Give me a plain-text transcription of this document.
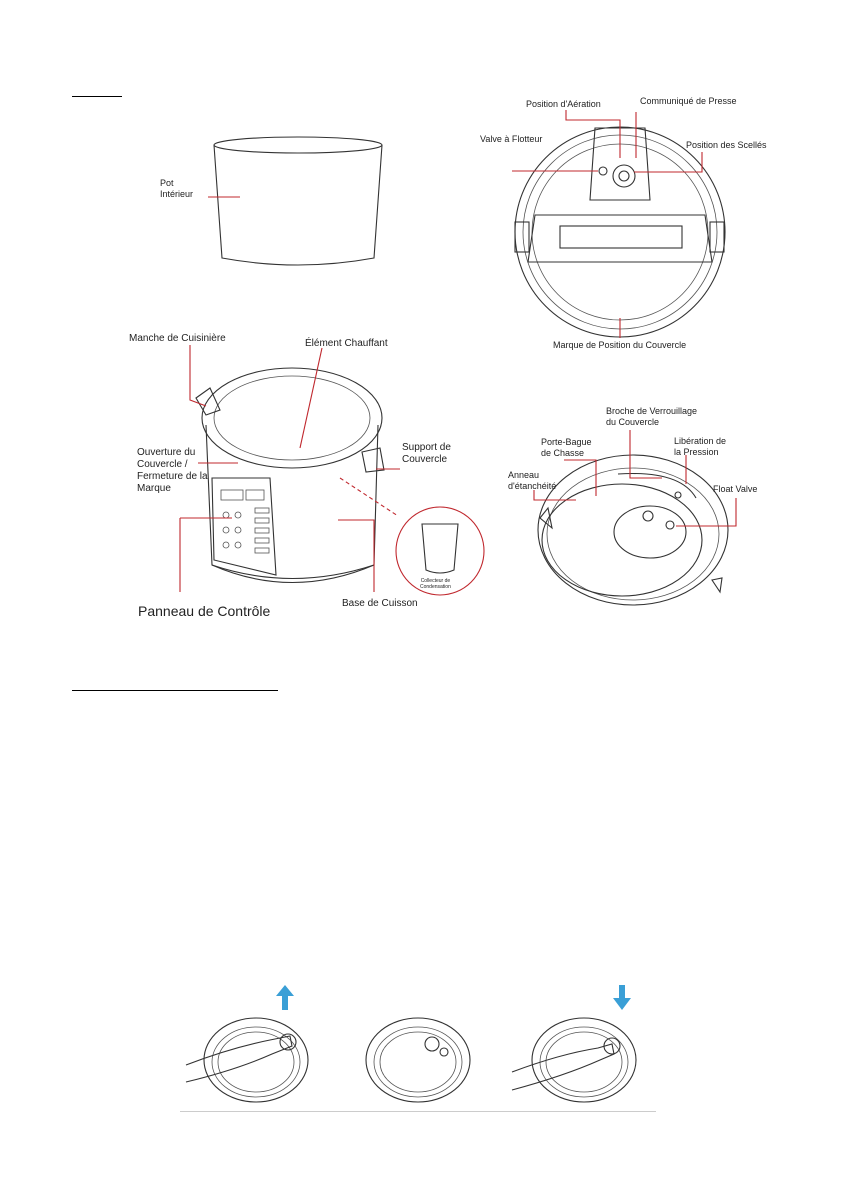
Pot
Intérieur
Position d'Aération	Communiqué de Presse
Valve à Flotteur
Position des Scellés
Marque de Position du Couvercle
Manche de Cuisinière	Élément Chauffant
Ouverture du
Couvercle /
Fermeture de la
Marque
Support de
Couvercle
Collecteur de
Condensation
Panneau de Contrôle	Base de Cuisson
Broche de Verrouillage
du Couvercle
Porte-Bague
de Chasse
Libération de
la Pression
Anneau
d'étanchéité	Float Valve
